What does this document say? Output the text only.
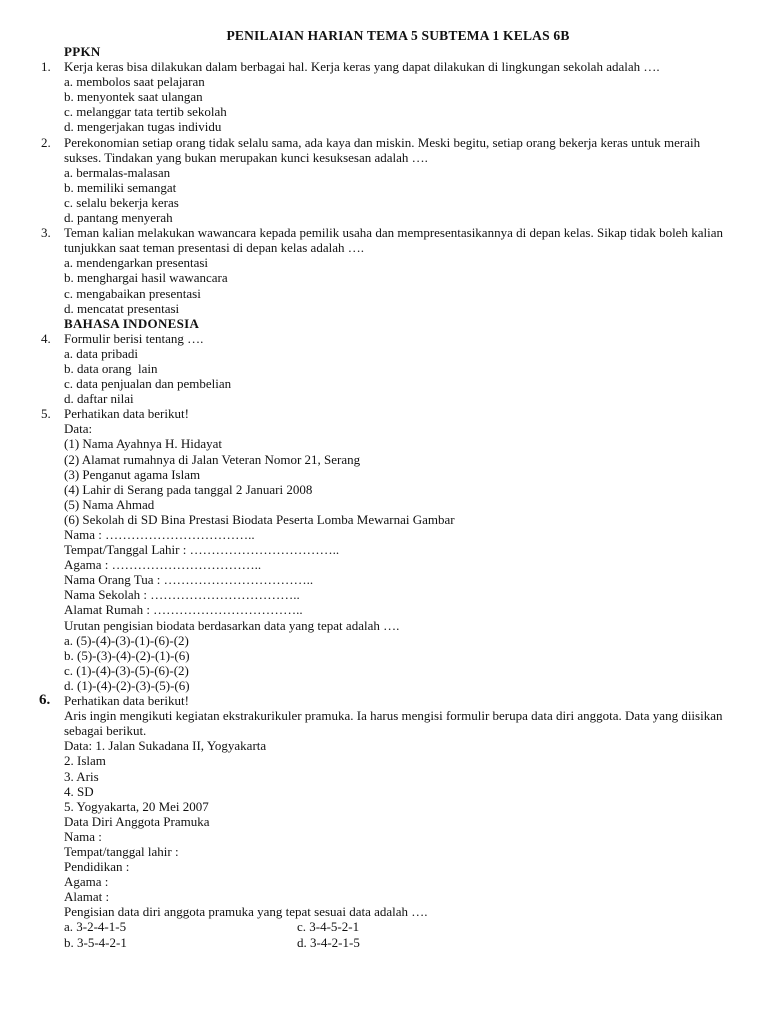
PENILAIAN HARIAN TEMA 5 SUBTEMA 1 KELAS 6B
PPKN
1. Kerja keras bisa dilakukan dalam berbagai hal. Kerja keras yang dapat dilakukan di lingkungan sekolah adalah ….
a. membolos saat pelajaran
b. menyontek saat ulangan
c. melanggar tata tertib sekolah
d. mengerjakan tugas individu
2. Perekonomian setiap orang tidak selalu sama, ada kaya dan miskin. Meski begitu, setiap orang bekerja keras untuk meraih sukses. Tindakan yang bukan merupakan kunci kesuksesan adalah ….
a. bermalas-malasan
b. memiliki semangat
c. selalu bekerja keras
d. pantang menyerah
3. Teman kalian melakukan wawancara kepada pemilik usaha dan mempresentasikannya di depan kelas. Sikap tidak boleh kalian tunjukkan saat teman presentasi di depan kelas adalah ….
a. mendengarkan presentasi
b. menghargai hasil wawancara
c. mengabaikan presentasi
d. mencatat presentasi
BAHASA INDONESIA
4. Formulir berisi tentang ….
a. data pribadi
b. data orang  lain
c. data penjualan dan pembelian
d. daftar nilai
5. Perhatikan data berikut!
Data:
(1) Nama Ayahnya H. Hidayat
(2) Alamat rumahnya di Jalan Veteran Nomor 21, Serang
(3) Penganut agama Islam
(4) Lahir di Serang pada tanggal 2 Januari 2008
(5) Nama Ahmad
(6) Sekolah di SD Bina Prestasi Biodata Peserta Lomba Mewarnai Gambar
Nama : ……………………………..
Tempat/Tanggal Lahir : ……………………………..
Agama : ……………………………..
Nama Orang Tua : ……………………………..
Nama Sekolah : ……………………………..
Alamat Rumah : ……………………………..
Urutan pengisian biodata berdasarkan data yang tepat adalah ….
a. (5)-(4)-(3)-(1)-(6)-(2)
b. (5)-(3)-(4)-(2)-(1)-(6)
c. (1)-(4)-(3)-(5)-(6)-(2)
d. (1)-(4)-(2)-(3)-(5)-(6)
6. Perhatikan data berikut!
Aris ingin mengikuti kegiatan ekstrakurikuler pramuka. Ia harus mengisi formulir berupa data diri anggota. Data yang diisikan sebagai berikut.
Data: 1. Jalan Sukadana II, Yogyakarta
2. Islam
3. Aris
4. SD
5. Yogyakarta, 20 Mei 2007
Data Diri Anggota Pramuka
Nama :
Tempat/tanggal lahir :
Pendidikan :
Agama :
Alamat :
Pengisian data diri anggota pramuka yang tepat sesuai data adalah ….
a. 3-2-4-1-5	c. 3-4-5-2-1
b. 3-5-4-2-1	d. 3-4-2-1-5
